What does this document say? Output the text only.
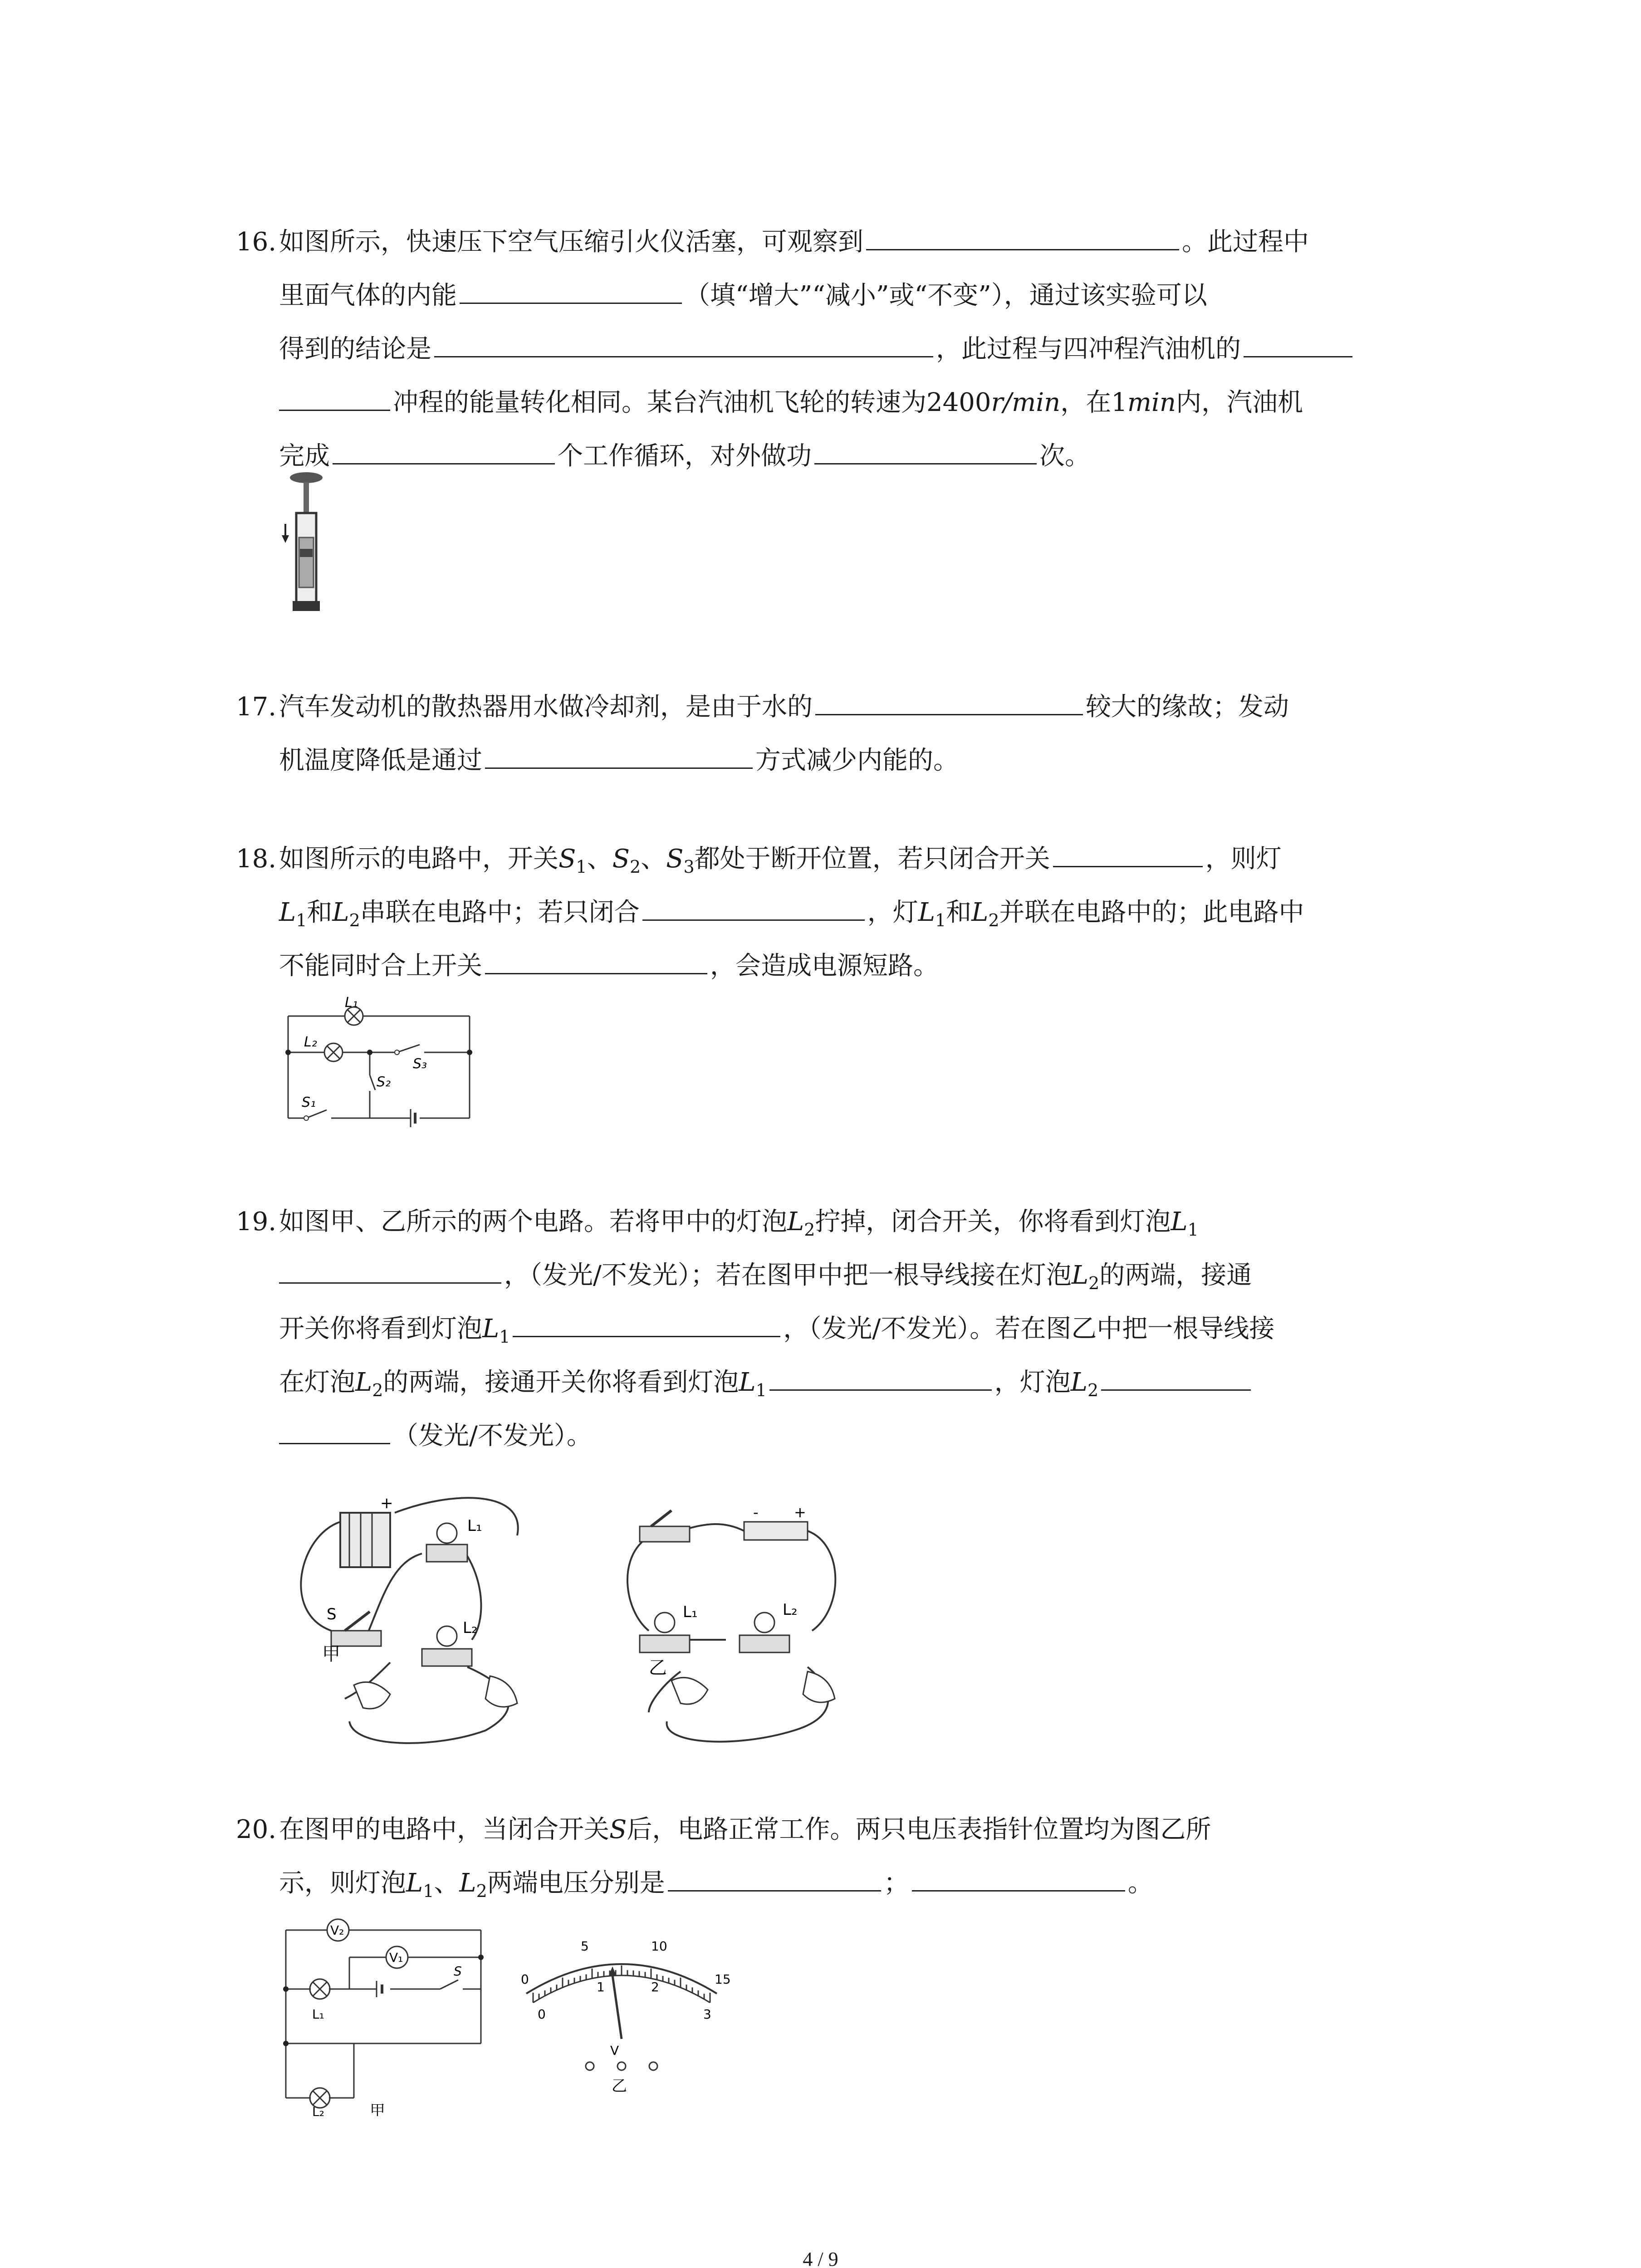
16. 如图所示，快速压下空气压缩引火仪活塞，可观察到	。此过程中
里面气体的内能	（填“增大”“减小”或“不变”），通过该实验可以
得到的结论是	，此过程与四冲程汽油机的
冲程的能量转化相同。某台汽油机飞轮的转速为2400r/min，在1min内，汽油机
完成	个工作循环，对外做功	次。
17. 汽车发动机的散热器用水做冷却剂，是由于水的	较大的缘故；发动
机温度降低是通过	方式减少内能的。
18. 如图所示的电路中，开关$S_1$、$S_2$、$S_3$都处于断开位置，若只闭合开关	，则灯
$L_1$和$L_2$串联在电路中；若只闭合	，灯$L_1$和$L_2$并联在电路中的；此电路中
不能同时合上开关	，会造成电源短路。
L₁
L₂
S₃
S₂
S₁
19. 如图甲、乙所示的两个电路。若将甲中的灯泡$L_2$拧掉，闭合开关，你将看到灯泡$L_1$
，（发光/不发光）；若在图甲中把一根导线接在灯泡$L_2$的两端，接通
开关你将看到灯泡$L_1$	，（发光/不发光）。若在图乙中把一根导线接
在灯泡$L_2$的两端，接通开关你将看到灯泡$L_1$	，灯泡$L_2$
（发光/不发光）。
+
L₁
S
L₂
甲
- +
L₁	L₂
乙
20. 在图甲的电路中，当闭合开关S后，电路正常工作。两只电压表指针位置均为图乙所
示，则灯泡$L_1$、$L_2$两端电压分别是	；	。
V₂
V₁
S
L₁
L₂	甲
V
乙
0
5	10
15
0
1	2
3
4 / 9
